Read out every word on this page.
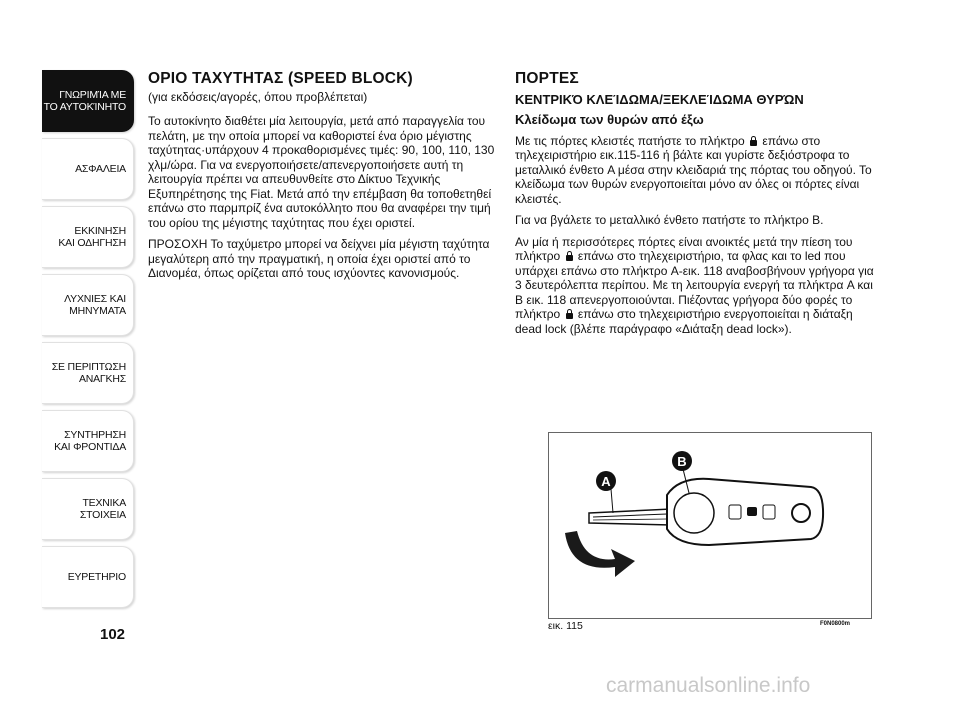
ΓΝΩΡΙΜΊΑ ΜΕ
ΤΟ ΑΥΤΟΚΊΝΗΤΟ
ΑΣΦΑΛΕΙΑ
ΕΚΚΙΝΗΣΗ
ΚΑΙ ΟΔΗΓΗΣΗ
ΛΥΧΝΙΕΣ ΚΑΙ
ΜΗΝΥΜΑΤΑ
ΣΕ ΠΕΡΙΠΤΩΣΗ
ΑΝΑΓΚΗΣ
ΣΥΝΤΗΡΗΣΗ
ΚΑΙ ΦΡΟΝΤΙΔΑ
ΤΕΧΝΙΚΑ
ΣΤΟΙΧΕΙΑ
ΕΥΡΕΤΗΡΙΟ
102
ΟΡΙΟ ΤΑΧΥΤΗΤΑΣ (SPEED BLOCK)

(για εκδόσεις/αγορές, όπου προβλέπεται)

Το αυτοκίνητο διαθέτει μία λειτουργία, μετά από παραγγελία του πελάτη, με την οποία μπορεί να καθοριστεί ένα όριο μέγιστης ταχύτητας·υπάρχουν 4 προκαθορισμένες τιμές: 90, 100, 110, 130 χλμ/ώρα. Για να ενεργοποιήσετε/απενεργοποιήσετε αυτή τη λειτουργία πρέπει να απευθυνθείτε στο Δίκτυο Τεχνικής Εξυπηρέτησης της Fiat. Μετά από την επέμβαση θα τοποθετηθεί επάνω στο παρμπρίζ ένα αυτοκόλλητο που θα αναφέρει την τιμή του ορίου της μέγιστης ταχύτητας που έχει οριστεί.

ΠΡΟΣΟΧΗ Το ταχύμετρο μπορεί να δείχνει μία μέγιστη ταχύτητα μεγαλύτερη από την πραγματική, η οποία έχει οριστεί από το Διανομέα, όπως ορίζεται από τους ισχύοντες κανονισμούς.

ΠΟΡΤΕΣ
ΚΕΝΤΡΙΚΌ ΚΛΕΊΔΩΜΑ/ΞΕΚΛΕΊΔΩΜΑ ΘΥΡΏΝ
Κλείδωμα των θυρών από έξω

Με τις πόρτες κλειστές πατήστε το πλήκτρο επάνω στο τηλεχειριστήριο εικ.115-116 ή βάλτε και γυρίστε δεξιόστροφα το μεταλλικό ένθετο A μέσα στην κλειδαριά της πόρτας του οδηγού. Το κλείδωμα των θυρών ενεργοποιείται μόνο αν όλες οι πόρτες είναι κλειστές.

Για να βγάλετε το μεταλλικό ένθετο πατήστε το πλήκτρο B.

Αν μία ή περισσότερες πόρτες είναι ανοικτές μετά την πίεση του πλήκτρο επάνω στο τηλεχειριστήριο, τα φλας και το led που υπάρχει επάνω στο πλήκτρο A-εικ. 118 αναβοσβήνουν γρήγορα για 3 δευτερόλεπτα περίπου. Με τη λειτουργία ενεργή τα πλήκτρα A και B εικ. 118 απενεργοποιούνται. Πιέζοντας γρήγορα δύο φορές το πλήκτρο επάνω στο τηλεχειριστήριο ενεργοποιείται η διάταξη dead lock (βλέπε παράγραφο «Διάταξη dead lock»).

B
A
εικ. 115	F0N0800m
carmanualsonline.info
